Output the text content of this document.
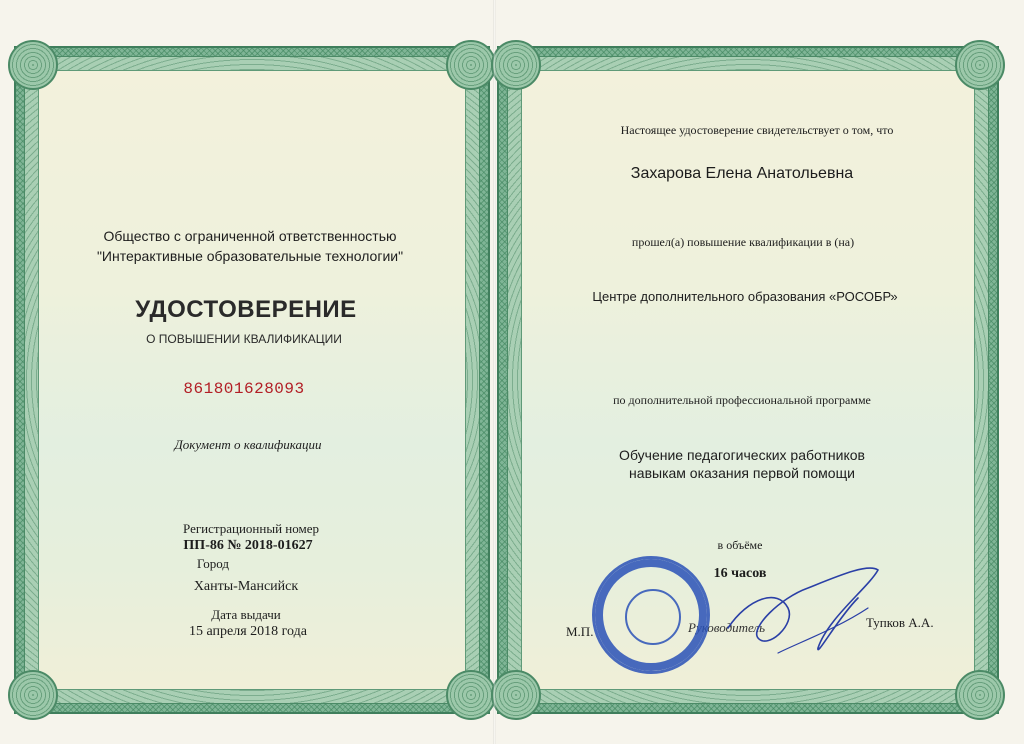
Общество с ограниченной ответственностью
"Интерактивные образовательные технологии"
УДОСТОВЕРЕНИЕ
О ПОВЫШЕНИИ КВАЛИФИКАЦИИ
861801628093
Документ о квалификации
Регистрационный номер
ПП-86 № 2018-01627
Город
Ханты-Мансийск
Дата выдачи
15 апреля 2018 года
Настоящее удостоверение свидетельствует о том, что
Захарова Елена Анатольевна
прошел(а) повышение квалификации в (на)
Центре дополнительного образования «РОСОБР»
по дополнительной профессиональной программе
Обучение педагогических работников
навыкам оказания первой помощи
в объёме
16 часов
М.П.	Руководитель	Тупков А.А.
